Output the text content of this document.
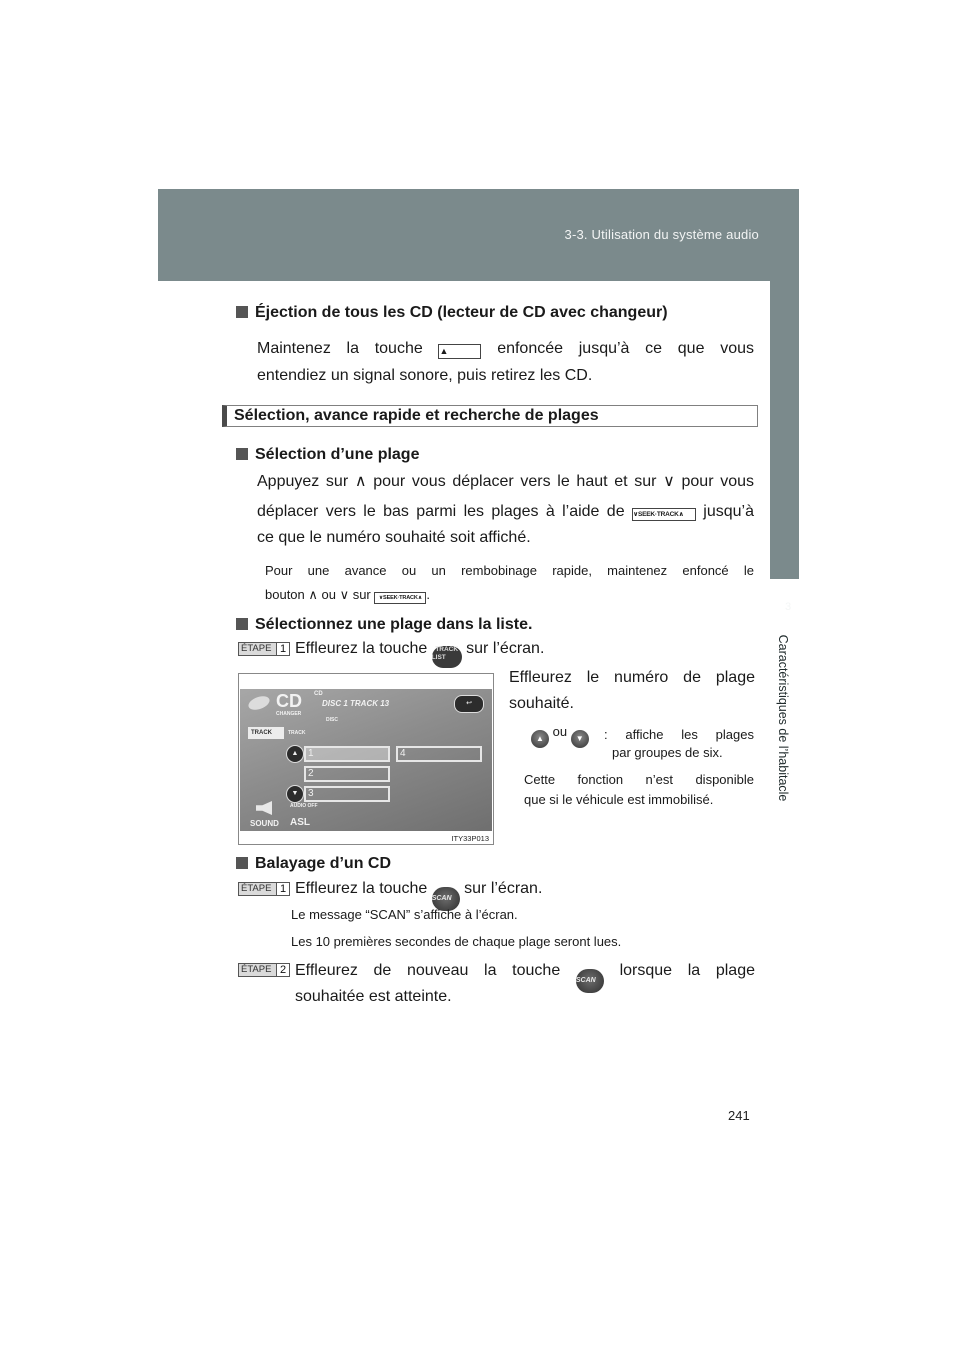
3-3. Utilisation du système audio
3
Caractéristiques de l’habitacle
Éjection de tous les CD (lecteur de CD avec changeur)
Maintenez la touche ▲	enfoncée jusqu’à ce que vous
entendiez un signal sonore, puis retirez les CD.
Sélection, avance rapide et recherche de plages
Sélection d’une plage
Appuyez sur ∧ pour vous déplacer vers le haut et sur ∨ pour vous
déplacer vers le bas parmi les plages à l’aide de ∨SEEK·TRACK∧ jusqu’à
ce que le numéro souhaité soit affiché.
Pour une avance ou un rembobinage rapide, maintenez enfoncé le
bouton ∧ ou ∨ sur ∨SEEK·TRACK∧ .
Sélectionnez une plage dans la liste.
ÉTAPE 1 Effleurez la touche TRACK LIST sur l’écran.
CD
CHANGER
CD
DISC 1 TRACK 13
DISC
↩
TRACK	TRACK
▲
▼
1
2
3
4
AUDIO OFF
SOUND ASL
ITY33P013
Effleurez le numéro de plage
souhaité.
▲ ou ▼	: affiche les plages
par groupes de six.
Cette fonction n’est disponible
que si le véhicule est immobilisé.
Balayage d’un CD
ÉTAPE 1 Effleurez la touche SCAN sur l’écran.
Le message “SCAN” s’affiche à l’écran.
Les 10 premières secondes de chaque plage seront lues.
ÉTAPE 2 Effleurez de nouveau la touche SCAN lorsque la plage
souhaitée est atteinte.
241
